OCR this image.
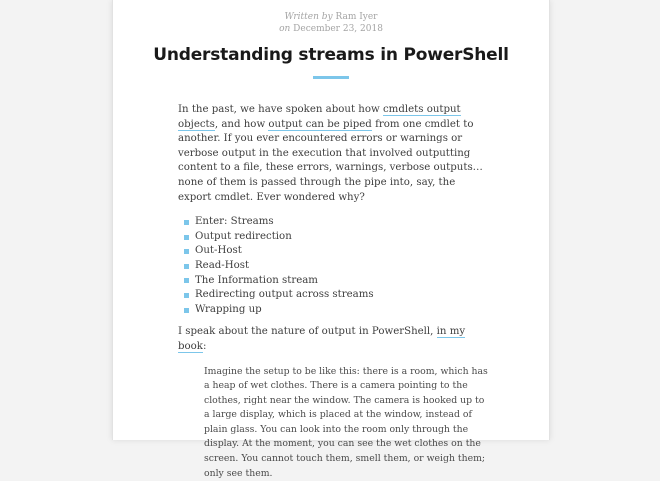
Written by Ram Iyer
on December 23, 2018
Understanding streams in PowerShell

In the past, we have spoken about how cmdlets output objects, and how output can be piped from one cmdlet to another. If you ever encountered errors or warnings or verbose output in the execution that involved outputting content to a file, these errors, warnings, verbose outputs… none of them is passed through the pipe into, say, the export cmdlet. Ever wondered why?

Enter: Streams
Output redirection
Out-Host
Read-Host
The Information stream
Redirecting output across streams
Wrapping up

I speak about the nature of output in PowerShell, in my book:

Imagine the setup to be like this: there is a room, which has a heap of wet clothes. There is a camera pointing to the clothes, right near the window. The camera is hooked up to a large display, which is placed at the window, instead of plain glass. You can look into the room only through the display. At the moment, you can see the wet clothes on the screen. You cannot touch them, smell them, or weigh them; only see them.
